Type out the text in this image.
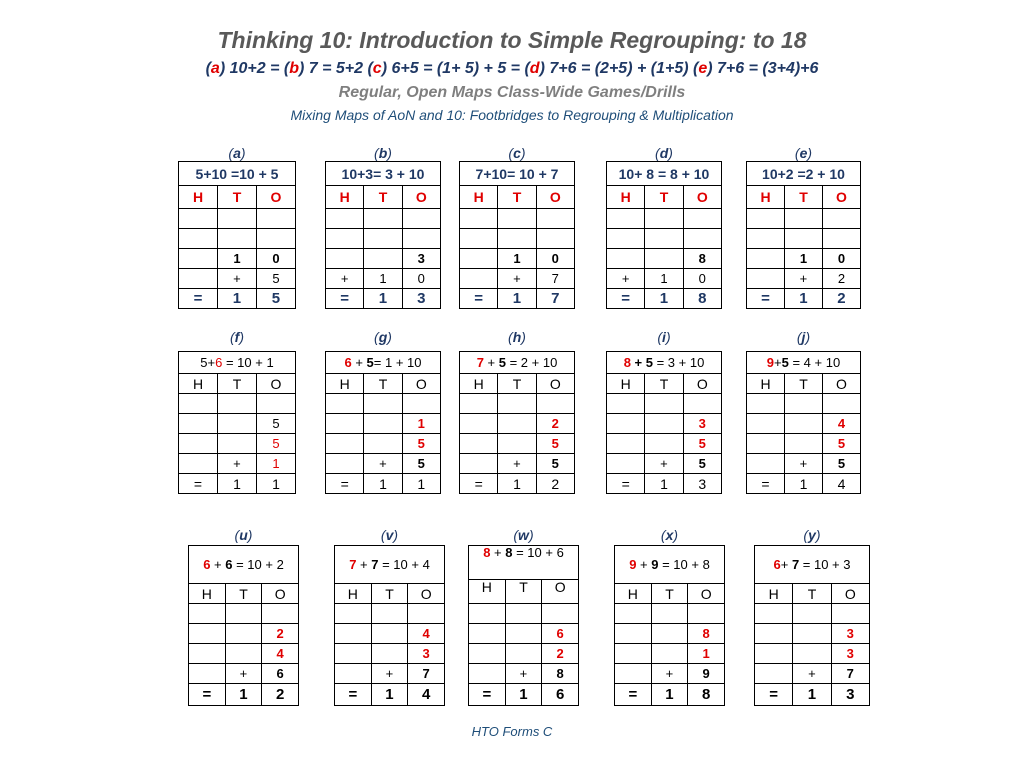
Thinking 10: Introduction to Simple Regrouping: to 18
(a) 10+2 = (b) 7 = 5+2 (c) 6+5 = (1+ 5) + 5 = (d) 7+6 = (2+5) + (1+5) (e) 7+6 = (3+4)+6
Regular, Open Maps Class-Wide Games/Drills
Mixing Maps of AoN and 10: Footbridges to Regrouping & Multiplication
(a)
5+10 =10 + 5		
H	T	O

	1	0
	+	5
=	1	5
(b)
10+3= 3 + 10		
H	T	O

		3
+	1	0
=	1	3
(c)
7+10= 10 + 7		
H	T	O

	1	0
	+	7
=	1	7
(d)
10+ 8 = 8 + 10		
H	T	O

		8
+	1	0
=	1	8
(e)
10+2 =2 + 10		
H	T	O

	1	0
	+	2
=	1	2
(f)
5+6 = 10 + 1		
H	T	O

		5
		5
	+	1
=	1	1
(g)
6 + 5= 1 + 10		
H	T	O

		1
		5
	+	5
=	1	1
(h)
7 + 5 = 2 + 10		
H	T	O

		2
		5
	+	5
=	1	2
(i)
8 + 5 = 3 + 10		
H	T	O

		3
		5
	+	5
=	1	3
(j)
9+5 = 4 + 10		
H	T	O

		4
		5
	+	5
=	1	4
(u)
6 + 6 = 10 + 2		
H	T	O

		2
		4
	+	6
=	1	2
(v)
7 + 7 = 10 + 4		
H	T	O

		4
		3
	+	7
=	1	4
(w)
8 + 8 = 10 + 6		
H	T	O

		6
		2
	+	8
=	1	6
(x)
9 + 9 = 10 + 8		
H	T	O

		8
		1
	+	9
=	1	8
(y)
6+ 7 = 10 + 3		
H	T	O

		3
		3
	+	7
=	1	3
HTO Forms C
